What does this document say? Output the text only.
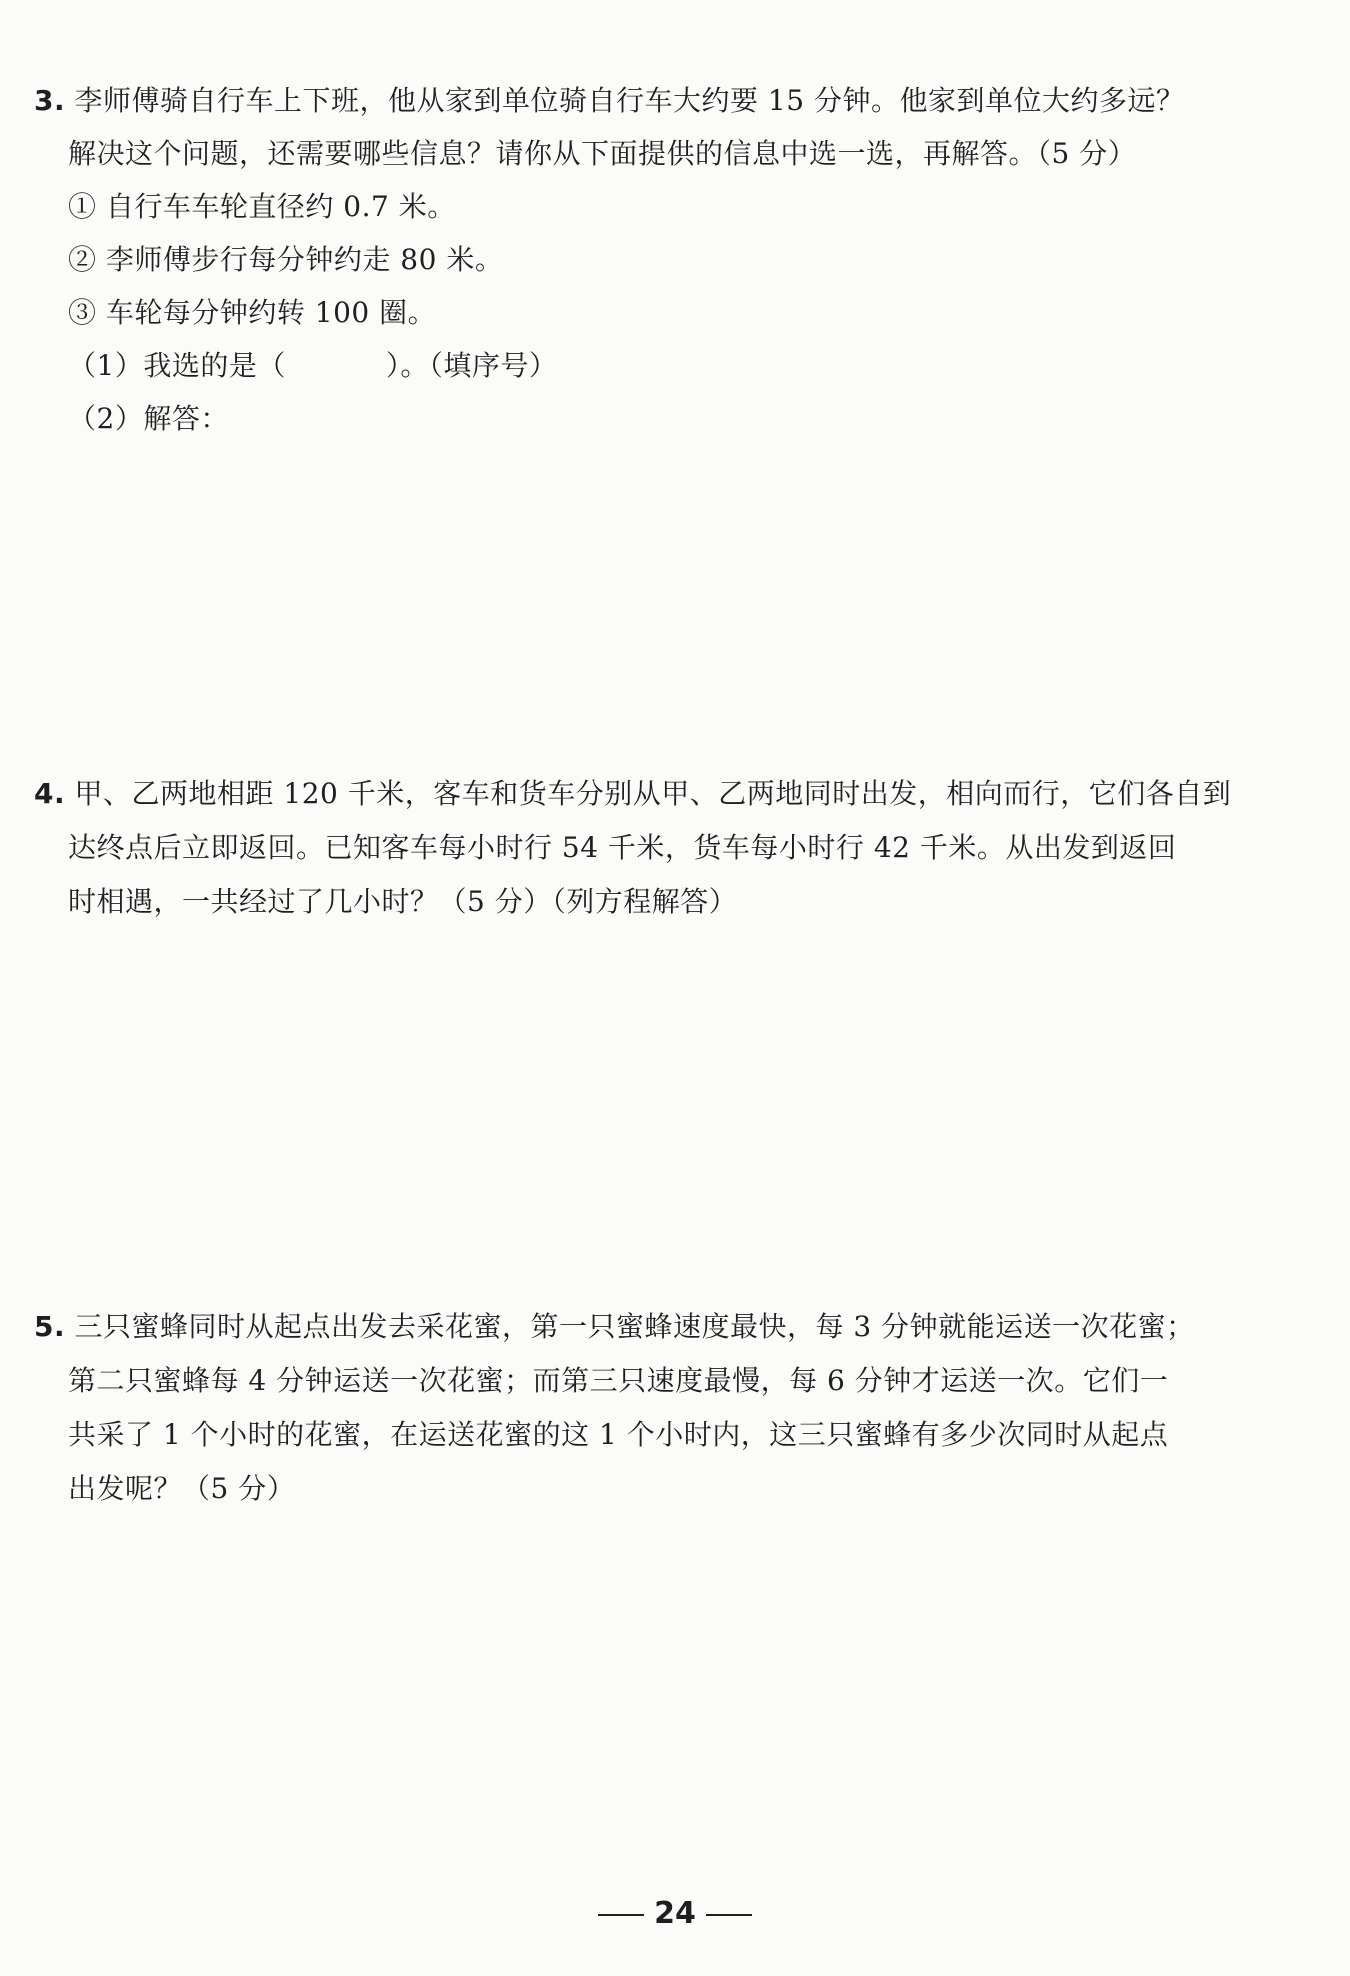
3. 李师傅骑自行车上下班，他从家到单位骑自行车大约要 15 分钟。他家到单位大约多远？
解决这个问题，还需要哪些信息？请你从下面提供的信息中选一选，再解答。（5 分）
① 自行车车轮直径约 0.7 米。
② 李师傅步行每分钟约走 80 米。
③ 车轮每分钟约转 100 圈。
（1）我选的是（	）。（填序号）
（2）解答：
4. 甲、乙两地相距 120 千米，客车和货车分别从甲、乙两地同时出发，相向而行，它们各自到
达终点后立即返回。已知客车每小时行 54 千米，货车每小时行 42 千米。从出发到返回
时相遇，一共经过了几小时？（5 分）（列方程解答）
5. 三只蜜蜂同时从起点出发去采花蜜，第一只蜜蜂速度最快，每 3 分钟就能运送一次花蜜；
第二只蜜蜂每 4 分钟运送一次花蜜；而第三只速度最慢，每 6 分钟才运送一次。它们一
共采了 1 个小时的花蜜，在运送花蜜的这 1 个小时内，这三只蜜蜂有多少次同时从起点
出发呢？（5 分）
24
